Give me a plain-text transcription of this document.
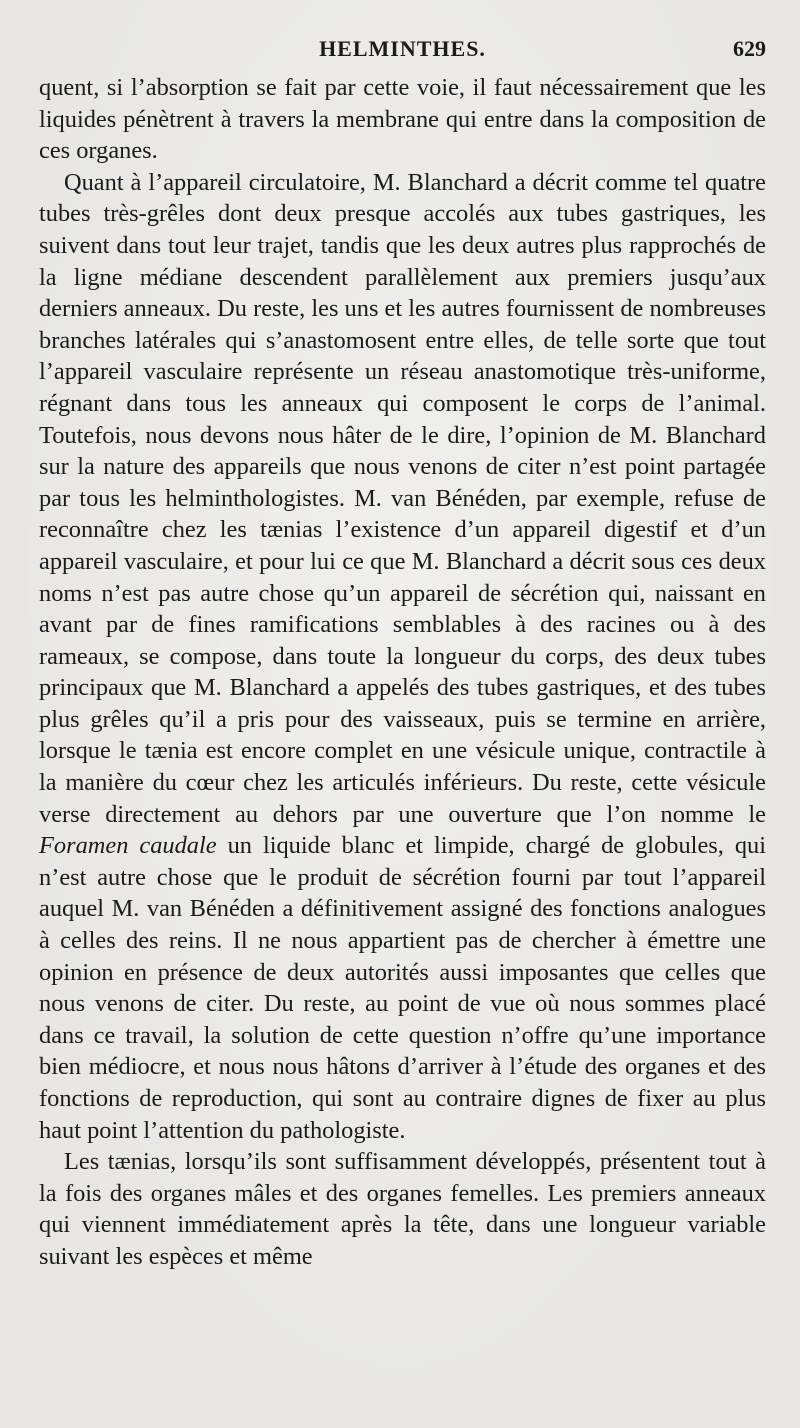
HELMINTHES.	629

quent, si l’absorption se fait par cette voie, il faut nécessairement que les liquides pénètrent à travers la membrane qui entre dans la composition de ces organes.

Quant à l’appareil circulatoire, M. Blanchard a décrit comme tel quatre tubes très-grêles dont deux presque accolés aux tubes gastriques, les suivent dans tout leur trajet, tandis que les deux autres plus rapprochés de la ligne médiane descendent parallèlement aux premiers jusqu’aux derniers anneaux. Du reste, les uns et les autres fournissent de nombreuses branches latérales qui s’anastomosent entre elles, de telle sorte que tout l’appareil vasculaire représente un réseau anastomotique très-uniforme, régnant dans tous les anneaux qui composent le corps de l’animal. Toutefois, nous devons nous hâter de le dire, l’opinion de M. Blanchard sur la nature des appareils que nous venons de citer n’est point partagée par tous les helminthologistes. M. van Bénéden, par exemple, refuse de reconnaître chez les tænias l’existence d’un appareil digestif et d’un appareil vasculaire, et pour lui ce que M. Blanchard a décrit sous ces deux noms n’est pas autre chose qu’un appareil de sécrétion qui, naissant en avant par de fines ramifications semblables à des racines ou à des rameaux, se compose, dans toute la longueur du corps, des deux tubes principaux que M. Blanchard a appelés des tubes gastriques, et des tubes plus grêles qu’il a pris pour des vaisseaux, puis se termine en arrière, lorsque le tænia est encore complet en une vésicule unique, contractile à la manière du cœur chez les articulés inférieurs. Du reste, cette vésicule verse directement au dehors par une ouverture que l’on nomme le Foramen caudale un liquide blanc et limpide, chargé de globules, qui n’est autre chose que le produit de sécrétion fourni par tout l’appareil auquel M. van Bénéden a définitivement assigné des fonctions analogues à celles des reins. Il ne nous appartient pas de chercher à émettre une opinion en présence de deux autorités aussi imposantes que celles que nous venons de citer. Du reste, au point de vue où nous sommes placé dans ce travail, la solution de cette question n’offre qu’une importance bien médiocre, et nous nous hâtons d’arriver à l’étude des organes et des fonctions de reproduction, qui sont au contraire dignes de fixer au plus haut point l’attention du pathologiste.

Les tænias, lorsqu’ils sont suffisamment développés, présentent tout à la fois des organes mâles et des organes femelles. Les premiers anneaux qui viennent immédiatement après la tête, dans une longueur variable suivant les espèces et même
